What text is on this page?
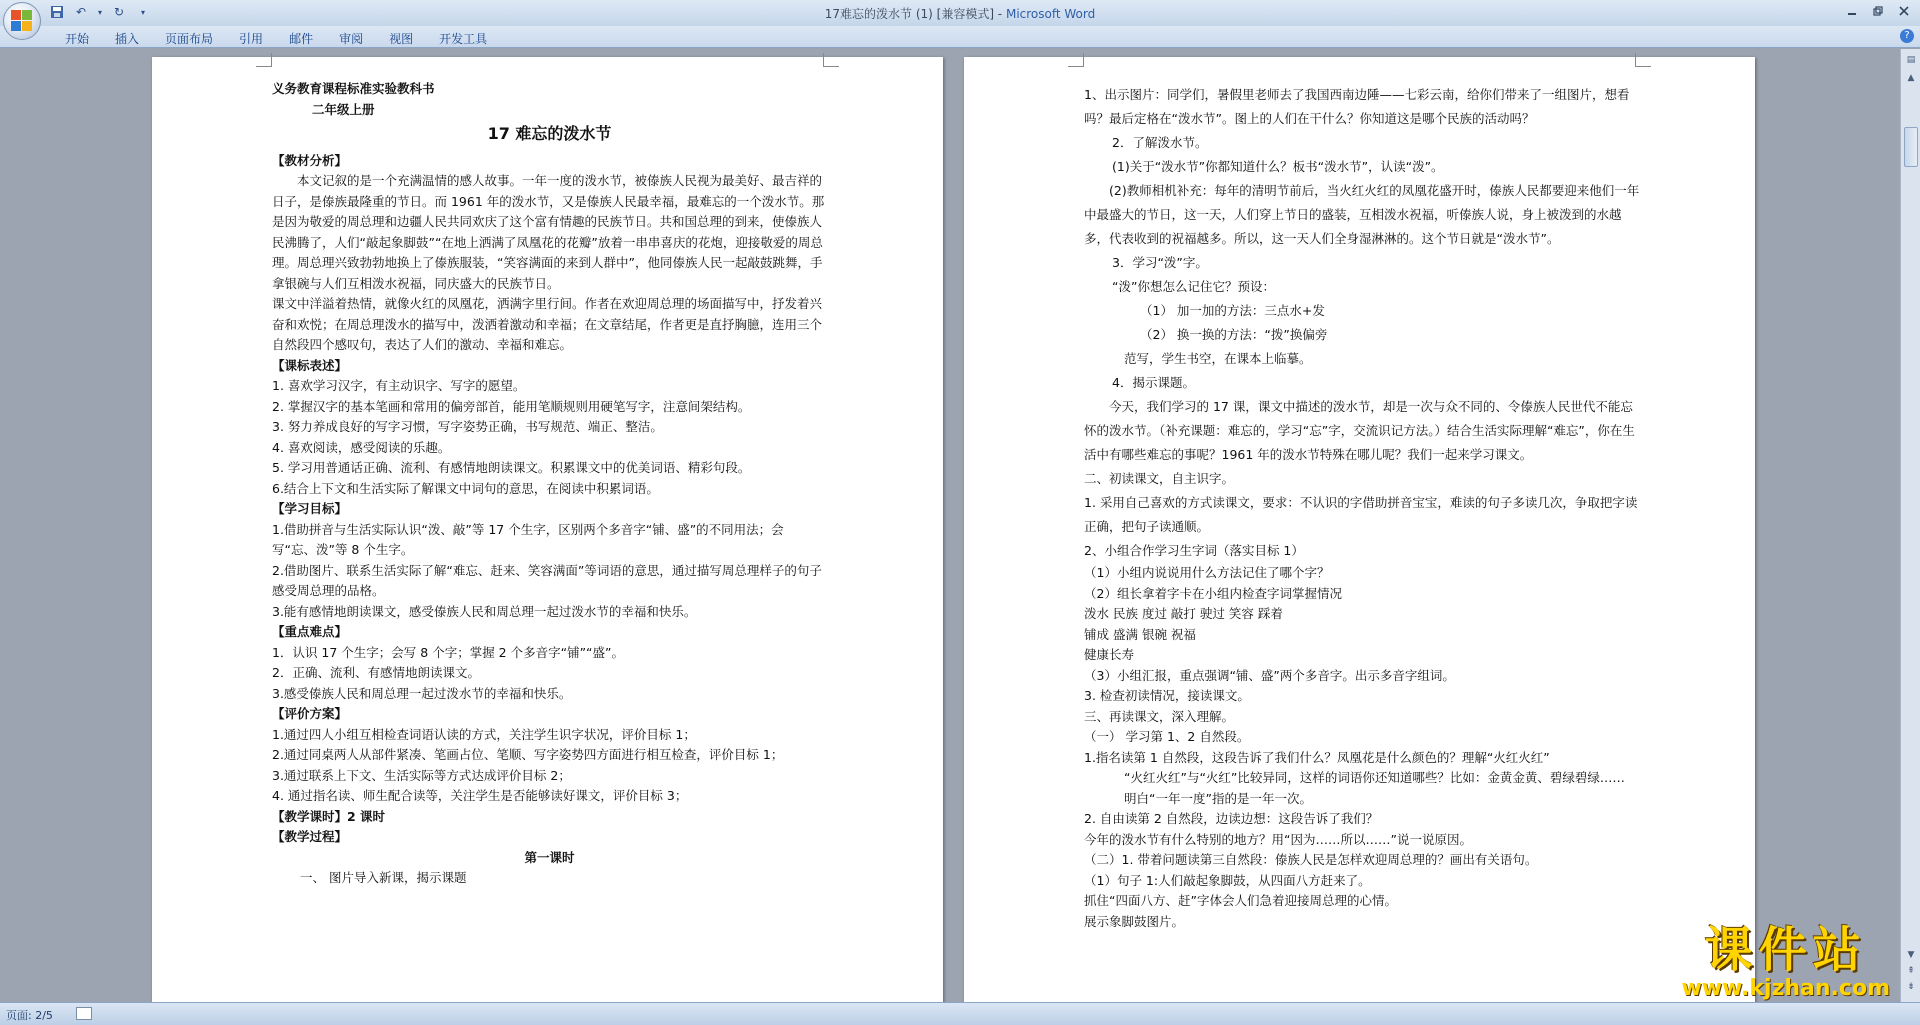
↶	▾ ↻	▾	17难忘的泼水节 (1) [兼容模式] - Microsoft Word
开始	插入	页面布局	引用	邮件	审阅	视图	开发工具	?
义务教育课程标准实验教科书
二年级上册
17 难忘的泼水节
【教材分析】
本文记叙的是一个充满温情的感人故事。一年一度的泼水节，被傣族人民视为最美好、最吉祥的日子，是傣族最隆重的节日。而 1961 年的泼水节，又是傣族人民最幸福，最难忘的一个泼水节。那是因为敬爱的周总理和边疆人民共同欢庆了这个富有情趣的民族节日。共和国总理的到来，使傣族人民沸腾了，人们“敲起象脚鼓”“在地上洒满了凤凰花的花瓣”放着一串串喜庆的花炮，迎接敬爱的周总理。周总理兴致勃勃地换上了傣族服装，“笑容满面的来到人群中”，他同傣族人民一起敲鼓跳舞，手拿银碗与人们互相泼水祝福，同庆盛大的民族节日。
课文中洋溢着热情，就像火红的凤凰花，洒满字里行间。作者在欢迎周总理的场面描写中，抒发着兴奋和欢悦；在周总理泼水的描写中，泼洒着激动和幸福；在文章结尾，作者更是直抒胸臆，连用三个自然段四个感叹句，表达了人们的激动、幸福和难忘。
【课标表述】
1. 喜欢学习汉字，有主动识字、写字的愿望。
2. 掌握汉字的基本笔画和常用的偏旁部首，能用笔顺规则用硬笔写字，注意间架结构。
3. 努力养成良好的写字习惯，写字姿势正确，书写规范、端正、整洁。
4. 喜欢阅读，感受阅读的乐趣。
5. 学习用普通话正确、流利、有感情地朗读课文。积累课文中的优美词语、精彩句段。
6.结合上下文和生活实际了解课文中词句的意思，在阅读中积累词语。
【学习目标】
1.借助拼音与生活实际认识“泼、敲”等 17 个生字，区别两个多音字“铺、盛”的不同用法；会写“忘、泼”等 8 个生字。
2.借助图片、联系生活实际了解“难忘、赶来、笑容满面”等词语的意思，通过描写周总理样子的句子感受周总理的品格。
3.能有感情地朗读课文，感受傣族人民和周总理一起过泼水节的幸福和快乐。
【重点难点】
1．认识 17 个生字；会写 8 个字；掌握 2 个多音字“铺”“盛”。
2．正确、流利、有感情地朗读课文。
3.感受傣族人民和周总理一起过泼水节的幸福和快乐。
【评价方案】
1.通过四人小组互相检查词语认读的方式，关注学生识字状况，评价目标 1；
2.通过同桌两人从部件紧凑、笔画占位、笔顺、写字姿势四方面进行相互检查，评价目标 1；
3.通过联系上下文、生活实际等方式达成评价目标 2；
4. 通过指名读、师生配合读等，关注学生是否能够读好课文，评价目标 3；
【教学课时】2 课时
【教学过程】
第一课时
一、 图片导入新课，揭示课题
1、出示图片：同学们，暑假里老师去了我国西南边陲——七彩云南，给你们带来了一组图片，想看吗？最后定格在“泼水节”。图上的人们在干什么？你知道这是哪个民族的活动吗？
2．了解泼水节。
(1)关于“泼水节”你都知道什么？板书“泼水节”，认读“泼”。
(2)教师相机补充：每年的清明节前后，当火红火红的凤凰花盛开时，傣族人民都要迎来他们一年中最盛大的节日，这一天，人们穿上节日的盛装，互相泼水祝福，听傣族人说，身上被泼到的水越多，代表收到的祝福越多。所以，这一天人们全身湿淋淋的。这个节日就是“泼水节”。
3．学习“泼”字。
“泼”你想怎么记住它？预设：
（1） 加一加的方法：三点水+发
（2） 换一换的方法：“拨”换偏旁
范写，学生书空，在课本上临摹。
4．揭示课题。
今天，我们学习的 17 课，课文中描述的泼水节，却是一次与众不同的、令傣族人民世代不能忘怀的泼水节。（补充课题：难忘的，学习“忘”字，交流识记方法。）结合生活实际理解“难忘”，你在生活中有哪些难忘的事呢？1961 年的泼水节特殊在哪儿呢？我们一起来学习课文。
二、初读课文，自主识字。
1. 采用自己喜欢的方式读课文，要求：不认识的字借助拼音宝宝，难读的句子多读几次，争取把字读正确，把句子读通顺。
2、小组合作学习生字词（落实目标 1）
（1）小组内说说用什么方法记住了哪个字？
（2）组长拿着字卡在小组内检查字词掌握情况
泼水 民族 度过 敲打 驶过 笑容 踩着
铺成 盛满 银碗 祝福
健康长寿
（3）小组汇报，重点强调“铺、盛”两个多音字。出示多音字组词。
3. 检查初读情况，接读课文。
三、再读课文，深入理解。
（一） 学习第 1、2 自然段。
1.指名读第 1 自然段，这段告诉了我们什么？凤凰花是什么颜色的？理解“火红火红”
“火红火红”与“火红”比较异同，这样的词语你还知道哪些？比如：金黄金黄、碧绿碧绿……
明白“一年一度”指的是一年一次。
2. 自由读第 2 自然段，边读边想：这段告诉了我们？
今年的泼水节有什么特别的地方？用“因为……所以……”说一说原因。
（二）1. 带着问题读第三自然段：傣族人民是怎样欢迎周总理的？画出有关语句。
（1）句子 1:人们敲起象脚鼓，从四面八方赶来了。
抓住“四面八方、赶”字体会人们急着迎接周总理的心情。
展示象脚鼓图片。
▤
▲
▼
⇞
⇟
页面: 2/5
课件站
www.kjzhan.com
